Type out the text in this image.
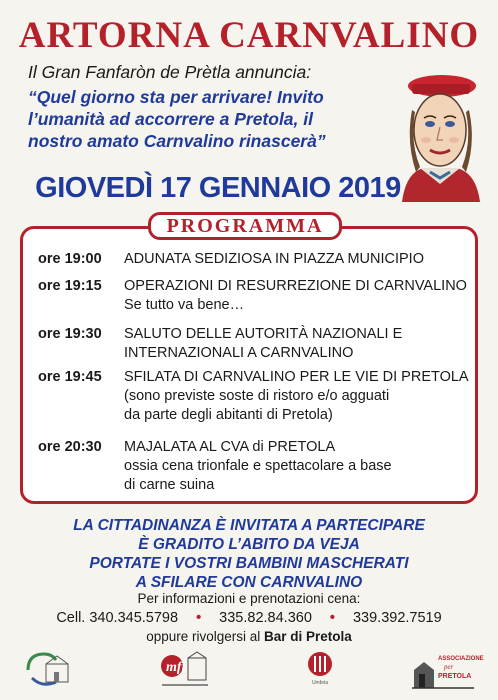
ARTORNA CARNVALINO
Il Gran Fanfaròn de Prètla annuncia:
“Quel giorno sta per arrivare! Invito
l’umanità ad accorrere a Pretola, il
nostro amato Carnvalino rinascerà”
GIOVEDÌ 17 GENNAIO 2019
PROGRAMMA
ore 19:00	ADUNATA SEDIZIOSA IN PIAZZA MUNICIPIO
ore 19:15	OPERAZIONI DI RESURREZIONE DI CARNVALINO
Se tutto va bene…
ore 19:30	SALUTO DELLE AUTORITÀ NAZIONALI E
INTERNAZIONALI A CARNVALINO
ore 19:45	SFILATA DI CARNVALINO PER LE VIE DI PRETOLA
(sono previste soste di ristoro e/o agguati
da parte degli abitanti di Pretola)
ore 20:30	MAJALATA AL CVA di PRETOLA
ossia cena trionfale e spettacolare a base
di carne suina
LA CITTADINANZA È INVITATA A PARTECIPARE
È GRADITO L’ABITO DA VEJA
PORTATE I VOSTRI BAMBINI MASCHERATI
A SFILARE CON CARNVALINO
Per informazioni e prenotazioni cena:
Cell. 340.345.5798 • 335.82.84.360 • 339.392.7519
oppure rivolgersi al Bar di Pretola
mfi
Umbria
ASSOCIAZIONE
per
PRETOLA
